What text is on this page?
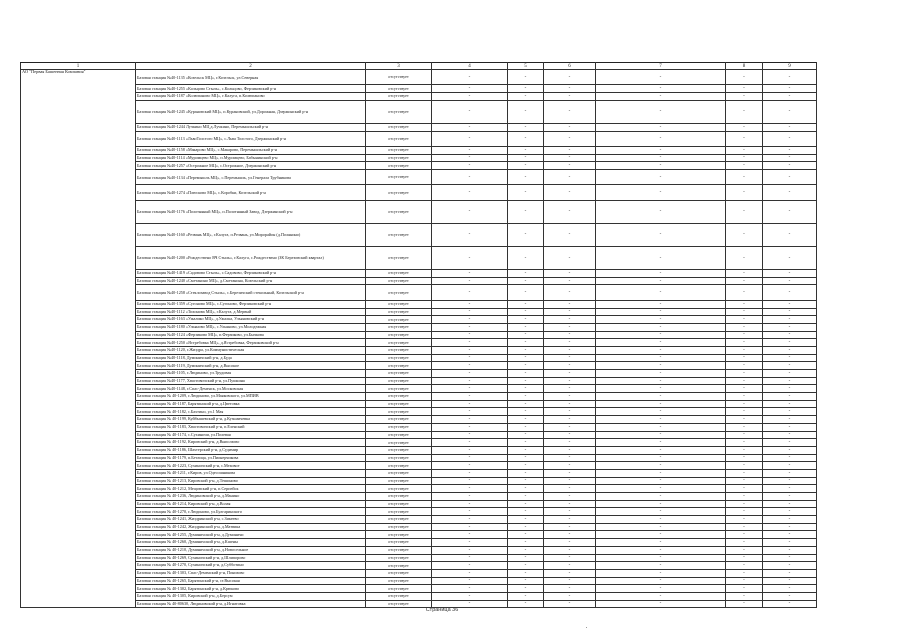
1	2	3	4	5	6	7	8	9
АО "Первая Башенная Компания"	Базовая станция №40-1135 «Козельск МЦ», г.Козельск, ул.Северная	отсутствует	-	-	-	-	-	-
	Базовая станция №40-1255 «Кольцово Стыль», с.Кольцово, Ферзиковский р-н	отсутствует	-	-	-	-	-	-
	Базовая станция №40-1187 «Колюпаново МЦ», г.Калуга, п.Колюпаново	отсутствует	-	-	-	-	-	-
	Базовая станция №40-1245 «Курановский МЦ», п.Курановский, ул.Дорожная, Дзержинский р-н	отсутствует	-	-	-	-	-	-
	Базовая станция №40-1244 Лучкино МЦ д.Лучкино, Перемышльский р-н	отсутствует	-	-	-	-	-	-
	Базовая станция №40-1113 «ЛьвоТолстого МЦ», с.Льва Толстого, Дзержинский р-н	отсутствует	-	-	-	-	-	-
	Базовая станция №40-1158 «Макарово МЦ», с.Макарово, Перемышльский р-н	отсутствует	-	-	-	-	-	-
	Базовая станция №40-1114 «Муромцево МЦ», п.Муромцево, Бабынинский р-н	отсутствует	-	-	-	-	-	-
	Базовая станция №40-1257 «Острожное МЦ», с.Острожное, Дзержинский р-н	отсутствует	-	-	-	-	-	-
	Базовая станция №40-1134 «Перемышль МЦ», с.Перемышль, ул.Генерала Трубникова	отсутствует	-	-	-	-	-	-
	Базовая станция №40-1274 «Плюсково МЦ», с.Коробки, Козельский р-н	отсутствует	-	-	-	-	-	-
	Базовая станция №40-1176 «Полотняный МЦ», п.Полотняный Завод, Дзержинский р-н	отсутствует	-	-	-	-	-	-
	Базовая станция №40-1160 «Резвань МЦ», г.Калуга, п.Резвань, ул.Мирорайон (д.Полянино)	отсутствует	-	-	-	-	-	-
	Базовая станция №40-1200 «Рождествено ВЧ Стыль», г.Калуга, с.Рождествено (ЗК Березовский квартал)	отсутствует	-	-	-	-	-	-
	Базовая станция №40-1419 «Садовово Стыль», с.Садовово, Ферзиковский р-н	отсутствует	-	-	-	-	-	-
	Базовая станция №40-1240 «Сметанино МЦ», д.Сметанина, Козельский р-н	отсутствует	-	-	-	-	-	-
	Базовая станция №40-1258 «Стеклозавод Стыль», с.Березичский стекольный, Козельский р-н	отсутствует	-	-	-	-	-	-
	Базовая станция №40-1359 «Сугоново МЦ», с.Сугоново, Ферзиковский р-н	отсутствует	-	-	-	-	-	-
	Базовая станция №40-1112 «Тихонова МЦ», г.Калуга, д.Мервый	отсутствует	-	-	-	-	-	-
	Базовая станция №40-1163 «Ужалико МЦ», д.Ужалка, Ульяновский р-н	отсутствует	-	-	-	-	-	-
	Базовая станция №40-1180 «Ульяново МЦ», с.Ульяново, ул.Молодежная	отсутствует	-	-	-	-	-	-
	Базовая станция №40-1124 «Ферзиково МЦ», п.Ферзиково, ул.Бычкова	отсутствует	-	-	-	-	-	-
	Базовая станция №40-1250 «Ястребовка МЦ», д.Ястребовка, Ферзиковский р-н	отсутствует	-	-	-	-	-	-
	Базовая станция №40-1120, г.Жиздра, ул.Коммунистическая	отсутствует	-	-	-	-	-	-
	Базовая станция №40-1118, Думиничский р-н, д.Буда	отсутствует	-	-	-	-	-	-
	Базовая станция №40-1119, Думиничский р-н, д.Высокое	отсутствует	-	-	-	-	-	-
	Базовая станция №40-1105, г.Людиново, ул.Трудовая	отсутствует	-	-	-	-	-	-
	Базовая станция №40-1177, Хвастовичский р-н, ул.Пушкина	отсутствует	-	-	-	-	-	-
	Базовая станция №40-1148, г.Спас-Деменск, ул.Московская	отсутствует	-	-	-	-	-	-
	Базовая станция № 40-1209, г.Людиново, ул.Маяковского, ул.МПИВ	отсутствует	-	-	-	-	-	-
	Базовая станция № 40-1187, Барятинский р-н, д.Цветовка	отсутствует	-	-	-	-	-	-
	Базовая станция № 40-1182, с.Бахтино, ул.1 Мая	отсутствует	-	-	-	-	-	-
	Базовая станция № 40-1199, Куйбышевский р-н, д.Кузьмичевка	отсутствует	-	-	-	-	-	-
	Базовая станция № 40-1183, Хвастовичский р-н, п.Еленский	отсутствует	-	-	-	-	-	-
	Базовая станция № 40-1174, с.Сухиничи, ул.Полевая	отсутствует	-	-	-	-	-	-
	Базовая станция № 40-1192, Кировский р-н, д.Выползово	отсутствует	-	-	-	-	-	-
	Базовая станция № 40-1186, Шахтерский р-н, д.Судимир	отсутствует	-	-	-	-	-	-
	Базовая станция № 40-1179, п.Бетлица, ул.Пионерчикова	отсутствует	-	-	-	-	-	-
	Базовая станция № 40-1223, Сухиничский р-н, с.Меховое	отсутствует	-	-	-	-	-	-
	Базовая станция № 40-1211, г.Киров, ул.Одесошникова	отсутствует	-	-	-	-	-	-
	Базовая станция № 40-1213, Кировский р-н, д.Тешиново	отсутствует	-	-	-	-	-	-
	Базовая станция № 40-1212, Мещовский р-н, п.Серпейск	отсутствует	-	-	-	-	-	-
	Базовая станция № 40-1236, Людиновский р-н, д.Манино	отсутствует	-	-	-	-	-	-
	Базовая станция № 40-1214, Кировский р-н, д.Волая	отсутствует	-	-	-	-	-	-
	Базовая станция № 40-1270, г.Людиново, ул.Булгаринского	отсутствует	-	-	-	-	-	-
	Базовая станция № 40-1241, Жиздринский р-н, с.Зикеево	отсутствует	-	-	-	-	-	-
	Базовая станция № 40-1242, Жиздринский р-н, д.Матвика	отсутствует	-	-	-	-	-	-
	Базовая станция № 40-1255, Думиничский р-н, д.Думиничи	отсутствует	-	-	-	-	-	-
	Базовая станция № 40-1260, Думиничский р-н, д.Кшены	отсутствует	-	-	-	-	-	-
	Базовая станция № 40-1210, Думиничский р-н, д.Новосельное	отсутствует	-	-	-	-	-	-
	Базовая станция № 40-1269, Сухиничский р-н, д.Шлипорово	отсутствует	-	-	-	-	-	-
	Базовая станция № 40-1270, Сухиничский р-н, д.Субботино	отсутствует	-	-	-	-	-	-
	Базовая станция № 40-1303, Спас-Деменский р-н, Понизово	отсутствует	-	-	-	-	-	-
	Базовая станция № 40-1265, Барятинский р-н, ст.Высокая	отсутствует	-	-	-	-	-	-
	Базовая станция № 40-1302, Барятинский р-н, д.Крюково	отсутствует	-	-	-	-	-	-
	Базовая станция № 40-1305, Кировский р-н, д.Берсум	отсутствует	-	-	-	-	-	-
	Базовая станция № 40-80630, Людиновский р-н, д.Игнатовка	отсутствует	-	-	-	-	-	-
Страница 36
